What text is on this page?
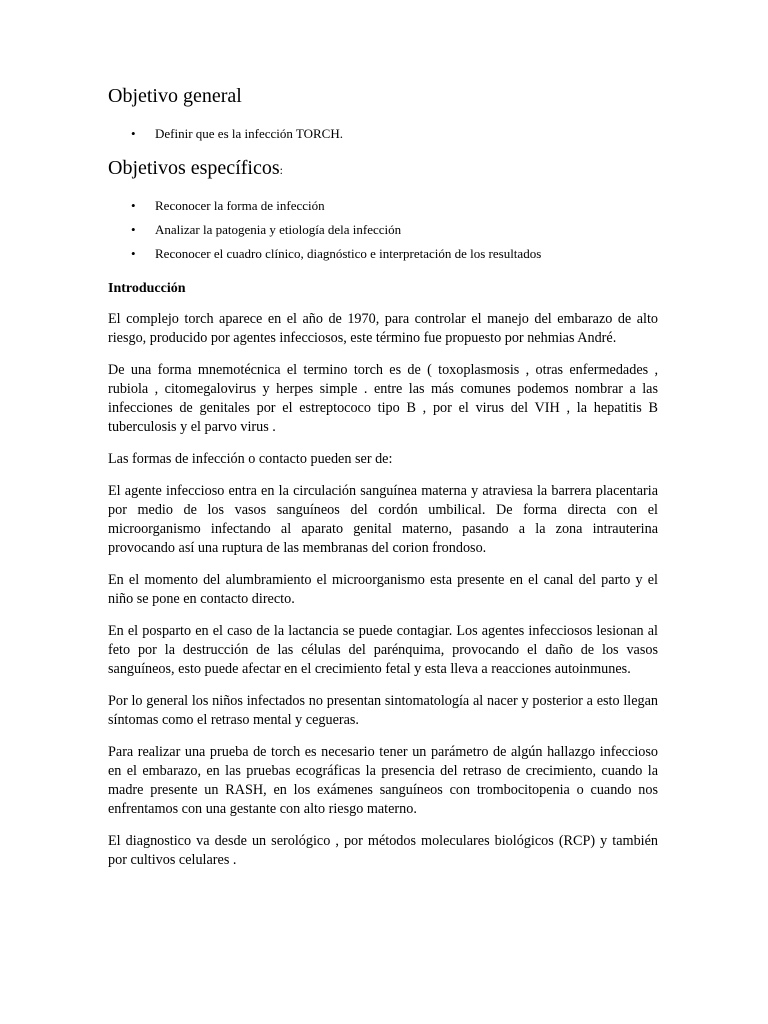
Objetivo general
• Definir que es la infección TORCH.
Objetivos específicos:
• Reconocer la forma de infección
• Analizar la patogenia y etiología dela infección
• Reconocer el cuadro clínico, diagnóstico e interpretación de los resultados
Introducción

El complejo torch aparece en el año de 1970, para controlar el manejo del embarazo de alto riesgo, producido por agentes infecciosos, este término fue propuesto por nehmias André.

De una forma mnemotécnica el termino torch es de ( toxoplasmosis , otras enfermedades , rubiola , citomegalovirus y herpes simple . entre las más comunes podemos nombrar a las infecciones de genitales por el estreptococo tipo B , por el virus del VIH , la hepatitis B tuberculosis y el parvo virus .

Las formas de infección o contacto pueden ser de:

El agente infeccioso entra en la circulación sanguínea materna y atraviesa la barrera placentaria por medio de los vasos sanguíneos del cordón umbilical. De forma directa con el microorganismo infectando al aparato genital materno, pasando a la zona intrauterina provocando así una ruptura de las membranas del corion frondoso.

En el momento del alumbramiento el microorganismo esta presente en el canal del parto y el niño se pone en contacto directo.

En el posparto en el caso de la lactancia se puede contagiar. Los agentes infecciosos lesionan al feto por la destrucción de las células del parénquima, provocando el daño de los vasos sanguíneos, esto puede afectar en el crecimiento fetal y esta lleva a reacciones autoinmunes.

Por lo general los niños infectados no presentan sintomatología al nacer y posterior a esto llegan síntomas como el retraso mental y cegueras.

Para realizar una prueba de torch es necesario tener un parámetro de algún hallazgo infeccioso en el embarazo, en las pruebas ecográficas la presencia del retraso de crecimiento, cuando la madre presente un RASH, en los exámenes sanguíneos con trombocitopenia o cuando nos enfrentamos con una gestante con alto riesgo materno.

El diagnostico va desde un serológico , por métodos moleculares biológicos (RCP) y también por cultivos celulares .
